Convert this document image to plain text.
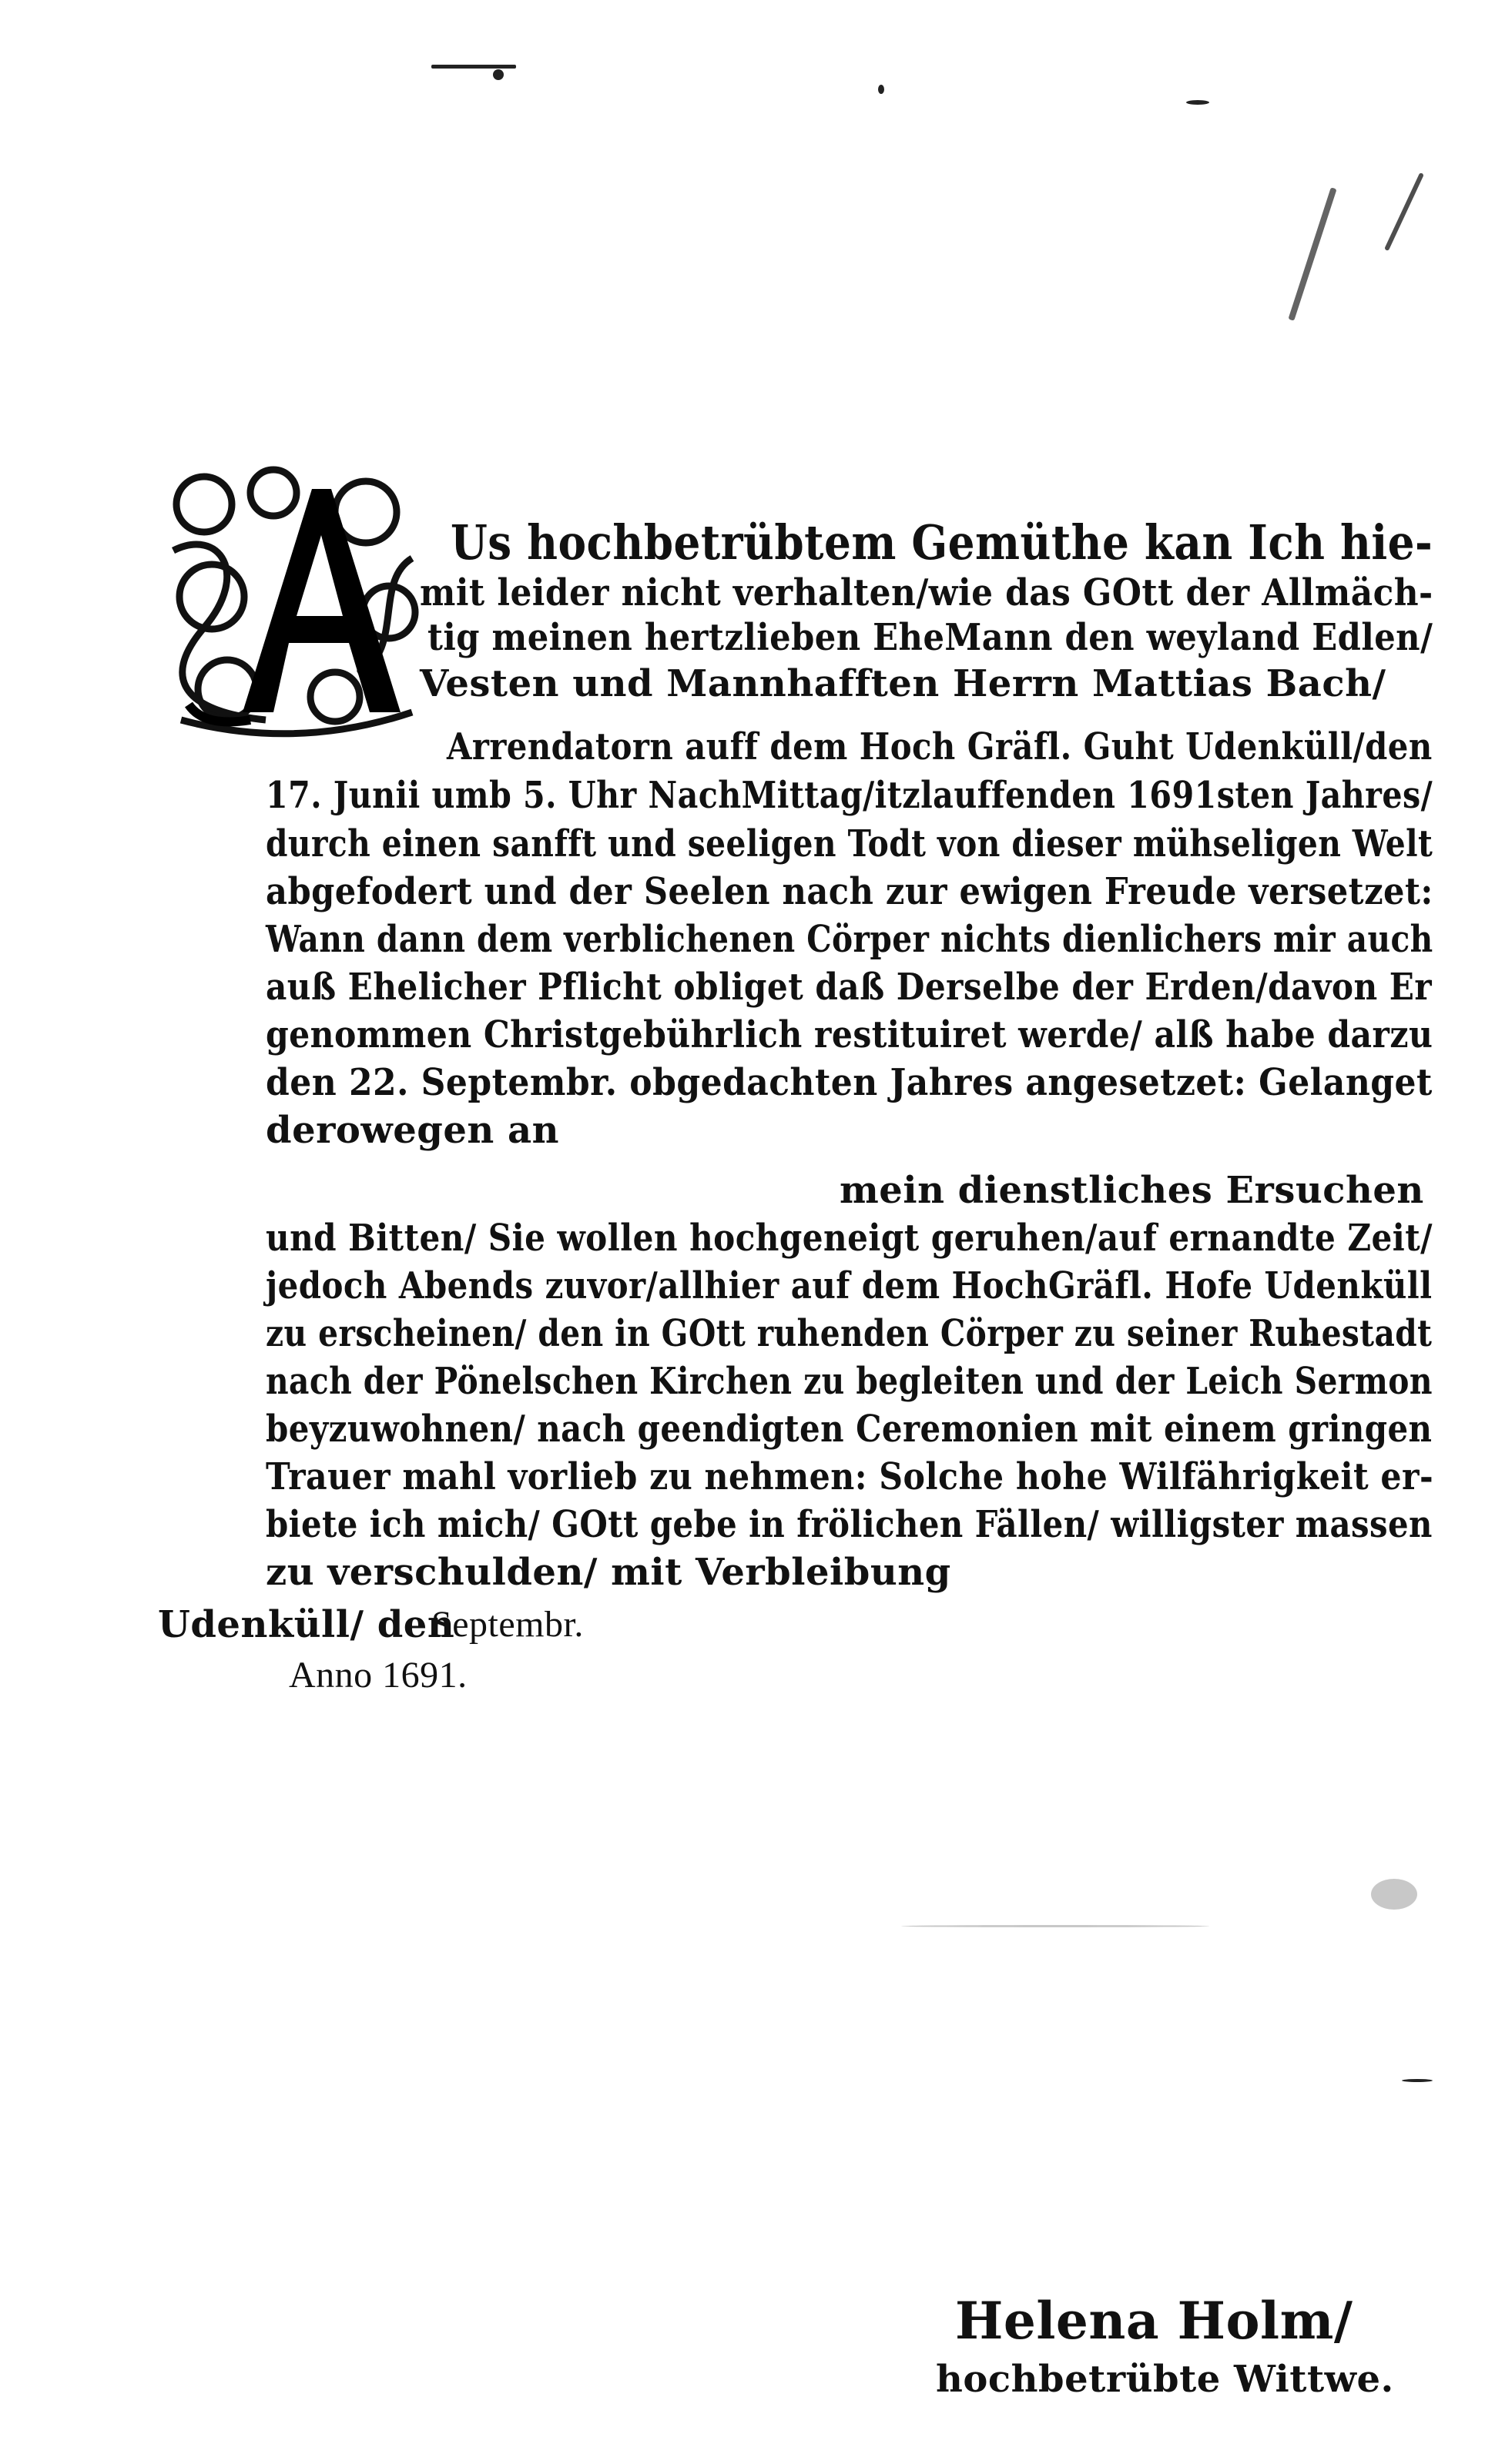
Us hochbetrübtem Gemüthe kan Ich hie-
mit leider nicht verhalten/wie das GOtt der Allmäch-
tig meinen hertzlieben EheMann den weyland Edlen/
Vesten und Mannhafften Herrn Mattias Bach/
Arrendatorn auff dem Hoch Gräfl. Guht Udenküll/den
17. Junii umb 5. Uhr NachMittag/itzlauffenden 1691sten Jahres/
durch einen sanfft und seeligen Todt von dieser mühseligen Welt
abgefodert und der Seelen nach zur ewigen Freude versetzet:
Wann dann dem verblichenen Cörper nichts dienlichers mir auch
auß Ehelicher Pflicht obliget daß Derselbe der Erden/davon Er
genommen Christgebührlich restituiret werde/ alß habe darzu
den 22. Septembr. obgedachten Jahres angesetzet: Gelanget
derowegen an
mein dienstliches Ersuchen
und Bitten/ Sie wollen hochgeneigt geruhen/auf ernandte Zeit/
jedoch Abends zuvor/allhier auf dem HochGräfl. Hofe Udenküll
zu erscheinen/ den in GOtt ruhenden Cörper zu seiner Ruhestadt
nach der Pönelschen Kirchen zu begleiten und der Leich Sermon
beyzuwohnen/ nach geendigten Ceremonien mit einem gringen
Trauer mahl vorlieb zu nehmen: Solche hohe Wilfährigkeit er-
biete ich mich/ GOtt gebe in frölichen Fällen/ willigster massen
zu verschulden/ mit Verbleibung
Udenküll/ den
Septembr.
Anno 1691.
Helena Holm/
hochbetrübte Wittwe.
